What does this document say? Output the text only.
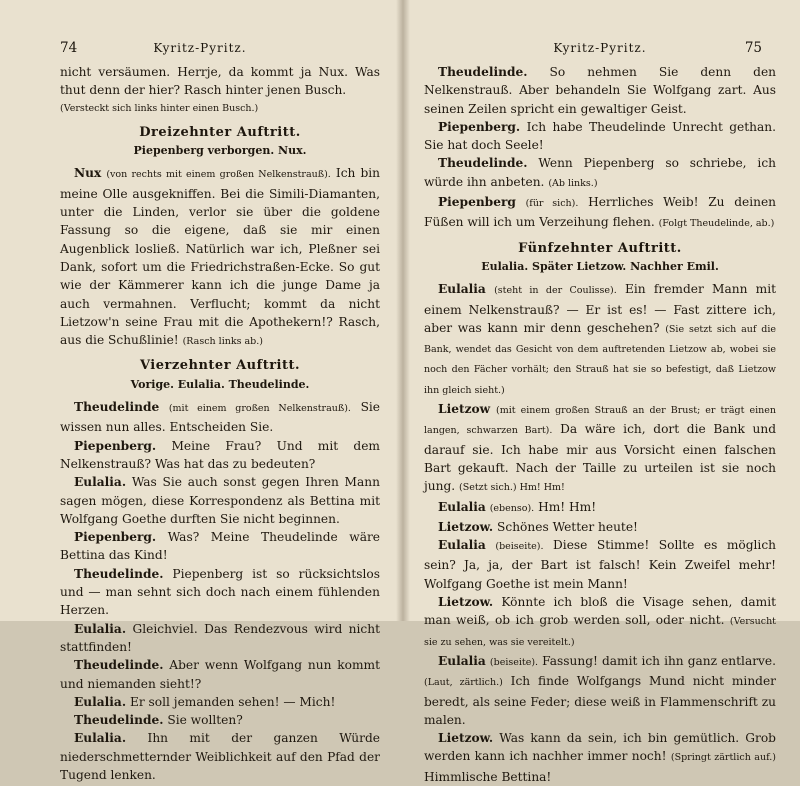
74	Kyritz-Pyritz.

nicht versäumen. Herrje, da kommt ja Nux. Was thut denn der hier? Rasch hinter jenen Busch.

(Versteckt sich links hinter einen Busch.)

Dreizehnter Auftritt.

Piepenberg verborgen. Nux.

Nux (von rechts mit einem großen Nelkenstrauß). Ich bin meine Olle ausgekniffen. Bei die Simili-Diamanten, unter die Linden, verlor sie über die goldene Fassung so die eigene, daß sie mir einen Augenblick losließ. Natürlich war ich, Pleßner sei Dank, sofort um die Friedrichstraßen-Ecke. So gut wie der Kämmerer kann ich die junge Dame ja auch vermahnen. Verflucht; kommt da nicht Lietzow'n seine Frau mit die Apothekern!? Rasch, aus die Schußlinie! (Rasch links ab.)

Vierzehnter Auftritt.

Vorige. Eulalia. Theudelinde.

Theudelinde (mit einem großen Nelkenstrauß). Sie wissen nun alles. Entscheiden Sie.

Piepenberg. Meine Frau? Und mit dem Nelkenstrauß? Was hat das zu bedeuten?

Eulalia. Was Sie auch sonst gegen Ihren Mann sagen mögen, diese Korrespondenz als Bettina mit Wolfgang Goethe durften Sie nicht beginnen.

Piepenberg. Was? Meine Theudelinde wäre Bettina das Kind!

Theudelinde. Piepenberg ist so rücksichtslos und — man sehnt sich doch nach einem fühlenden Herzen.

Eulalia. Gleichviel. Das Rendezvous wird nicht stattfinden!

Theudelinde. Aber wenn Wolfgang nun kommt und niemanden sieht!?

Eulalia. Er soll jemanden sehen! — Mich!

Theudelinde. Sie wollten?

Eulalia. Ihn mit der ganzen Würde niederschmetternder Weiblichkeit auf den Pfad der Tugend lenken.

Kyritz-Pyritz.	75

Theudelinde. So nehmen Sie denn den Nelkenstrauß. Aber behandeln Sie Wolfgang zart. Aus seinen Zeilen spricht ein gewaltiger Geist.

Piepenberg. Ich habe Theudelinde Unrecht gethan. Sie hat doch Seele!

Theudelinde. Wenn Piepenberg so schriebe, ich würde ihn anbeten. (Ab links.)

Piepenberg (für sich). Herrliches Weib! Zu deinen Füßen will ich um Verzeihung flehen. (Folgt Theudelinde, ab.)

Fünfzehnter Auftritt.

Eulalia. Später Lietzow. Nachher Emil.

Eulalia (steht in der Coulisse). Ein fremder Mann mit einem Nelkenstrauß? — Er ist es! — Fast zittere ich, aber was kann mir denn geschehen? (Sie setzt sich auf die Bank, wendet das Gesicht von dem auftretenden Lietzow ab, wobei sie noch den Fächer vorhält; den Strauß hat sie so befestigt, daß Lietzow ihn gleich sieht.)

Lietzow (mit einem großen Strauß an der Brust; er trägt einen langen, schwarzen Bart). Da wäre ich, dort die Bank und darauf sie. Ich habe mir aus Vorsicht einen falschen Bart gekauft. Nach der Taille zu urteilen ist sie noch jung. (Setzt sich.) Hm! Hm!

Eulalia (ebenso). Hm! Hm!

Lietzow. Schönes Wetter heute!

Eulalia (beiseite). Diese Stimme! Sollte es möglich sein? Ja, ja, der Bart ist falsch! Kein Zweifel mehr! Wolfgang Goethe ist mein Mann!

Lietzow. Könnte ich bloß die Visage sehen, damit man weiß, ob ich grob werden soll, oder nicht. (Versucht sie zu sehen, was sie vereitelt.)

Eulalia (beiseite). Fassung! damit ich ihn ganz entlarve. (Laut, zärtlich.) Ich finde Wolfgangs Mund nicht minder beredt, als seine Feder; diese weiß in Flammenschrift zu malen.

Lietzow. Was kann da sein, ich bin gemütlich. Grob werden kann ich nachher immer noch! (Springt zärtlich auf.) Himmlische Bettina!
